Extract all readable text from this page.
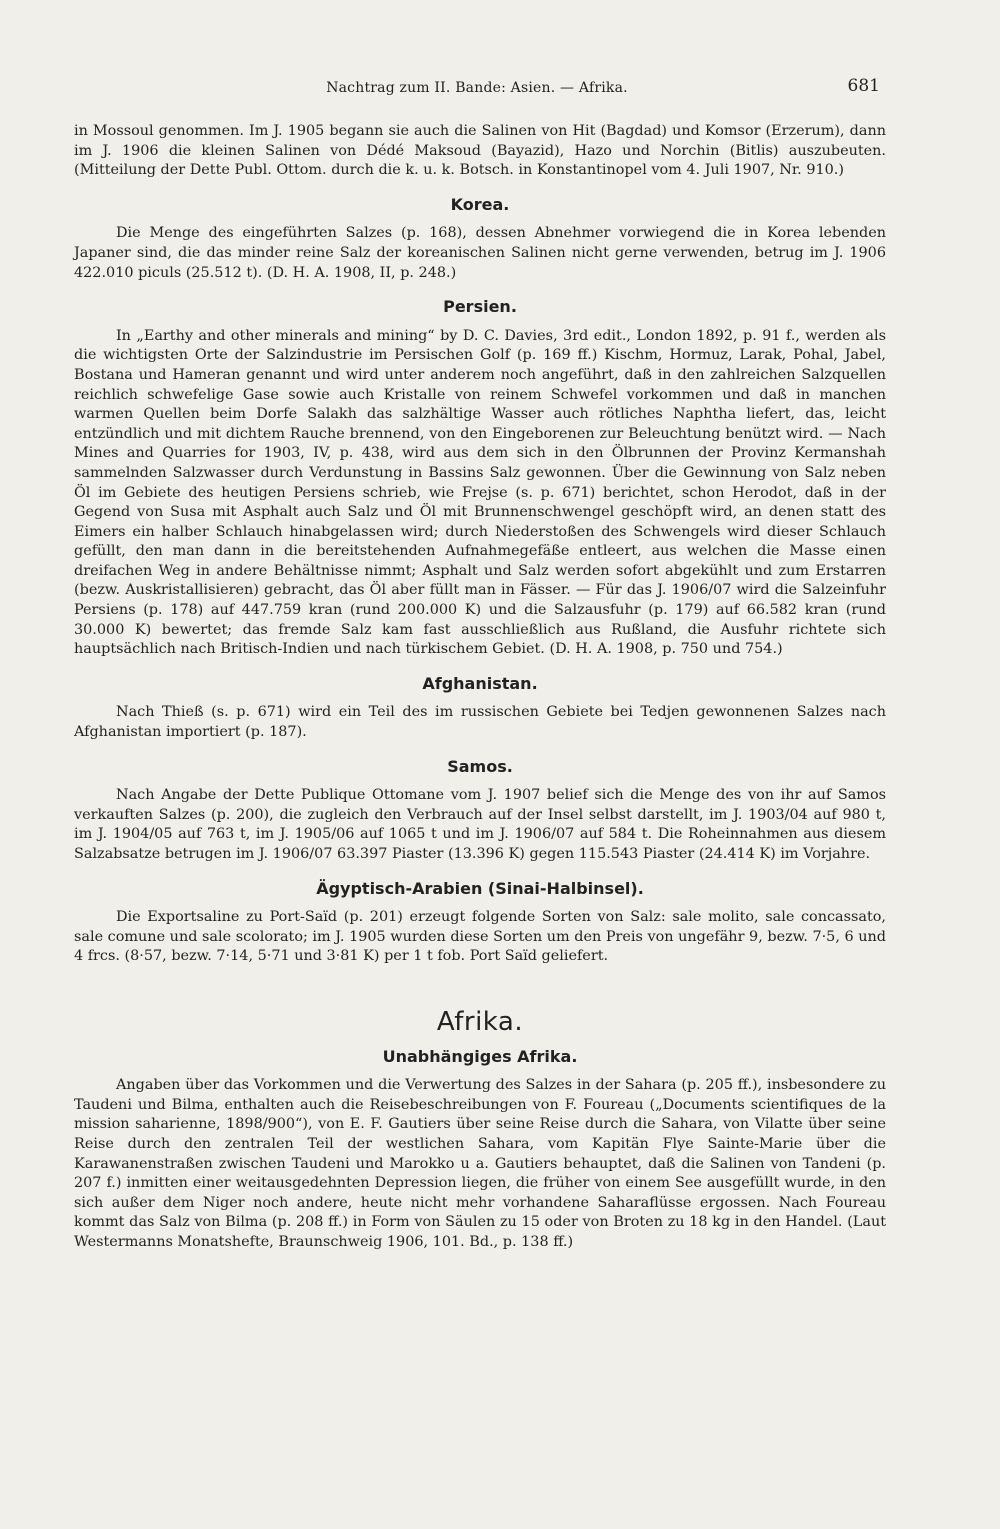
Nachtrag zum II. Bande: Asien. — Afrika.	681

in Mossoul genommen. Im J. 1905 begann sie auch die Salinen von Hit (Bagdad) und Komsor (Erzerum), dann im J. 1906 die kleinen Salinen von Dédé Maksoud (Bayazid), Hazo und Norchin (Bitlis) auszubeuten. (Mitteilung der Dette Publ. Ottom. durch die k. u. k. Botsch. in Konstantinopel vom 4. Juli 1907, Nr. 910.)

Korea.

Die Menge des eingeführten Salzes (p. 168), dessen Abnehmer vorwiegend die in Korea lebenden Japaner sind, die das minder reine Salz der koreanischen Salinen nicht gerne verwenden, betrug im J. 1906 422.010 piculs (25.512 t). (D. H. A. 1908, II, p. 248.)

Persien.

In „Earthy and other minerals and mining“ by D. C. Davies, 3rd edit., London 1892, p. 91 f., werden als die wichtigsten Orte der Salzindustrie im Persischen Golf (p. 169 ff.) Kischm, Hormuz, Larak, Pohal, Jabel, Bostana und Hameran genannt und wird unter anderem noch angeführt, daß in den zahlreichen Salzquellen reichlich schwefelige Gase sowie auch Kristalle von reinem Schwefel vorkommen und daß in manchen warmen Quellen beim Dorfe Salakh das salzhältige Wasser auch rötliches Naphtha liefert, das, leicht entzündlich und mit dichtem Rauche brennend, von den Eingeborenen zur Beleuchtung benützt wird. — Nach Mines and Quarries for 1903, IV, p. 438, wird aus dem sich in den Ölbrunnen der Provinz Kermanshah sammelnden Salzwasser durch Verdunstung in Bassins Salz gewonnen. Über die Gewinnung von Salz neben Öl im Gebiete des heutigen Persiens schrieb, wie Frejse (s. p. 671) berichtet, schon Herodot, daß in der Gegend von Susa mit Asphalt auch Salz und Öl mit Brunnenschwengel geschöpft wird, an denen statt des Eimers ein halber Schlauch hinabgelassen wird; durch Niederstoßen des Schwengels wird dieser Schlauch gefüllt, den man dann in die bereitstehenden Aufnahmegefäße entleert, aus welchen die Masse einen dreifachen Weg in andere Behältnisse nimmt; Asphalt und Salz werden sofort abgekühlt und zum Erstarren (bezw. Auskristallisieren) gebracht, das Öl aber füllt man in Fässer. — Für das J. 1906/07 wird die Salzeinfuhr Persiens (p. 178) auf 447.759 kran (rund 200.000 K) und die Salzausfuhr (p. 179) auf 66.582 kran (rund 30.000 K) bewertet; das fremde Salz kam fast ausschließlich aus Rußland, die Ausfuhr richtete sich hauptsächlich nach Britisch-Indien und nach türkischem Gebiet. (D. H. A. 1908, p. 750 und 754.)

Afghanistan.

Nach Thieß (s. p. 671) wird ein Teil des im russischen Gebiete bei Tedjen gewonnenen Salzes nach Afghanistan importiert (p. 187).

Samos.

Nach Angabe der Dette Publique Ottomane vom J. 1907 belief sich die Menge des von ihr auf Samos verkauften Salzes (p. 200), die zugleich den Verbrauch auf der Insel selbst darstellt, im J. 1903/04 auf 980 t, im J. 1904/05 auf 763 t, im J. 1905/06 auf 1065 t und im J. 1906/07 auf 584 t. Die Roheinnahmen aus diesem Salzabsatze betrugen im J. 1906/07 63.397 Piaster (13.396 K) gegen 115.543 Piaster (24.414 K) im Vorjahre.

Ägyptisch-Arabien (Sinai-Halbinsel).

Die Exportsaline zu Port-Saïd (p. 201) erzeugt folgende Sorten von Salz: sale molito, sale concassato, sale comune und sale scolorato; im J. 1905 wurden diese Sorten um den Preis von ungefähr 9, bezw. 7·5, 6 und 4 frcs. (8·57, bezw. 7·14, 5·71 und 3·81 K) per 1 t fob. Port Saïd geliefert.

Afrika.
Unabhängiges Afrika.

Angaben über das Vorkommen und die Verwertung des Salzes in der Sahara (p. 205 ff.), insbesondere zu Taudeni und Bilma, enthalten auch die Reisebeschreibungen von F. Foureau („Documents scientifiques de la mission saharienne, 1898/900“), von E. F. Gautiers über seine Reise durch die Sahara, von Vilatte über seine Reise durch den zentralen Teil der westlichen Sahara, vom Kapitän Flye Sainte-Marie über die Karawanenstraßen zwischen Taudeni und Marokko u a. Gautiers behauptet, daß die Salinen von Tandeni (p. 207 f.) inmitten einer weitausgedehnten Depression liegen, die früher von einem See ausgefüllt wurde, in den sich außer dem Niger noch andere, heute nicht mehr vorhandene Saharaflüsse ergossen. Nach Foureau kommt das Salz von Bilma (p. 208 ff.) in Form von Säulen zu 15 oder von Broten zu 18 kg in den Handel. (Laut Westermanns Monatshefte, Braunschweig 1906, 101. Bd., p. 138 ff.)
